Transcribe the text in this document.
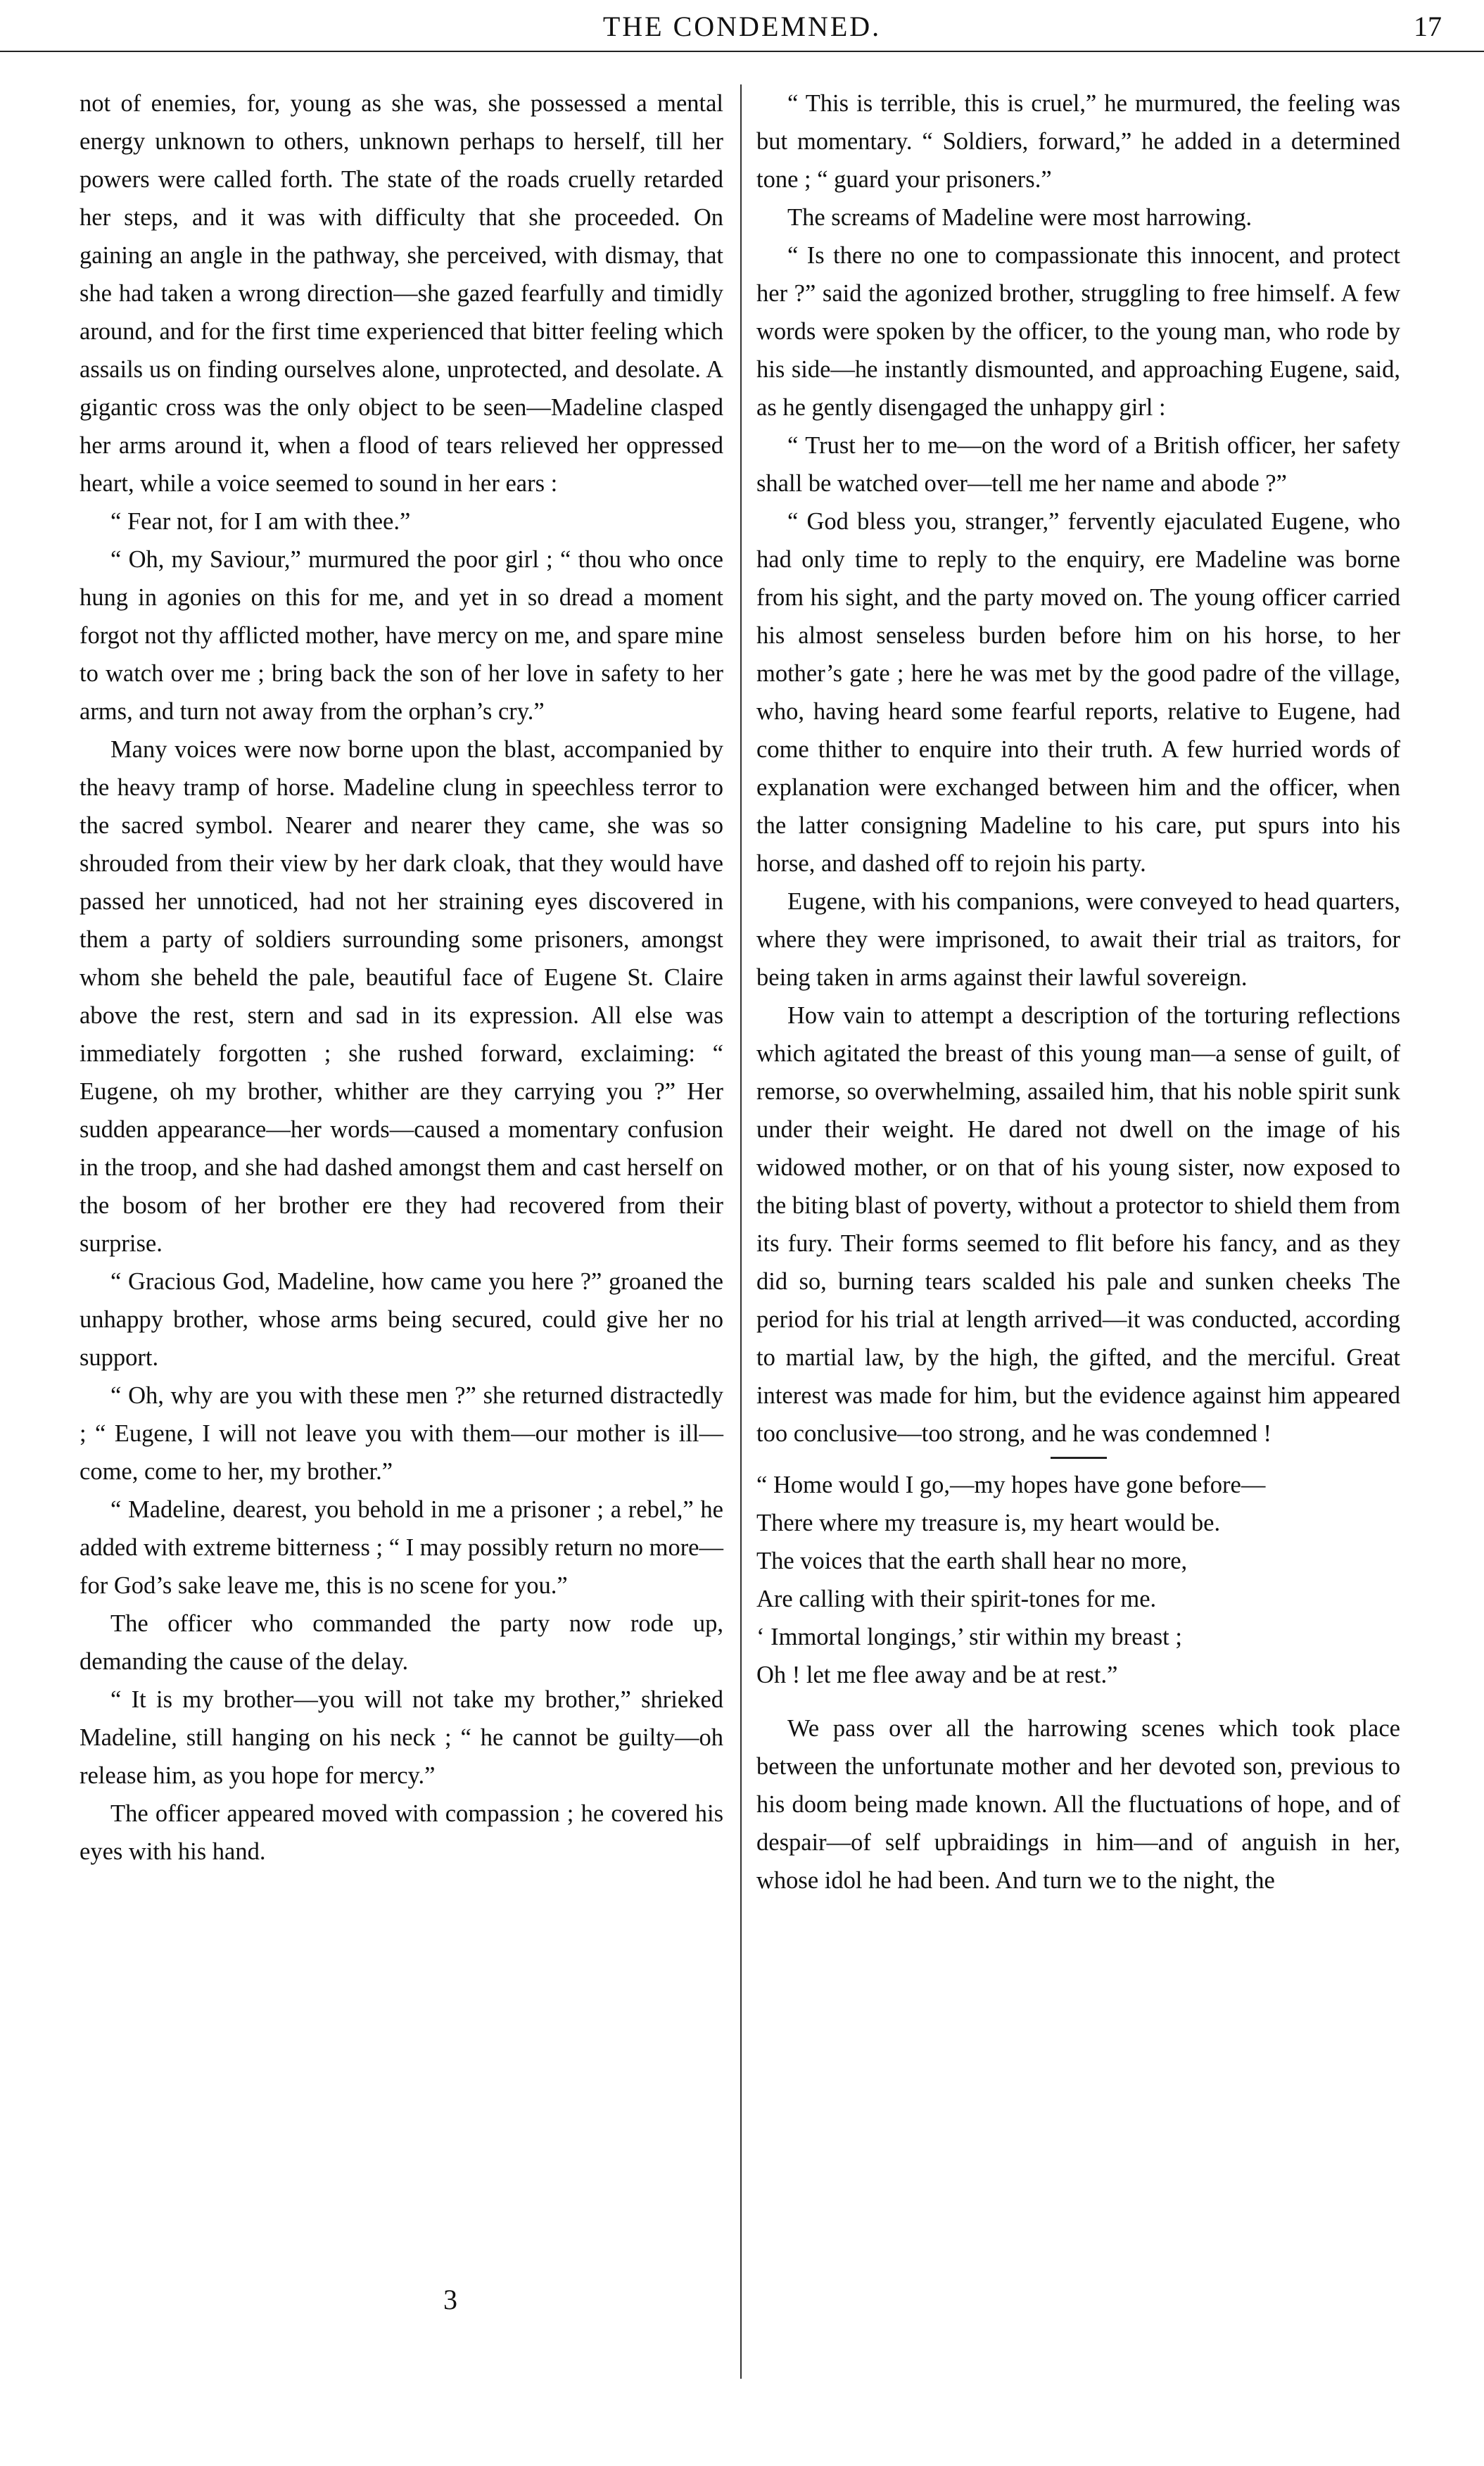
THE CONDEMNED.	17

not of enemies, for, young as she was, she possessed a mental energy unknown to others, unknown perhaps to herself, till her powers were called forth. The state of the roads cruelly retarded her steps, and it was with difficulty that she proceeded. On gaining an angle in the pathway, she perceived, with dismay, that she had taken a wrong direction—she gazed fearfully and timidly around, and for the first time experienced that bitter feeling which assails us on finding ourselves alone, unprotected, and desolate. A gigantic cross was the only object to be seen—Madeline clasped her arms around it, when a flood of tears relieved her oppressed heart, while a voice seemed to sound in her ears :

“ Fear not, for I am with thee.”

“ Oh, my Saviour,” murmured the poor girl ; “ thou who once hung in agonies on this for me, and yet in so dread a moment forgot not thy afflicted mother, have mercy on me, and spare mine to watch over me ; bring back the son of her love in safety to her arms, and turn not away from the orphan’s cry.”

Many voices were now borne upon the blast, accompanied by the heavy tramp of horse. Madeline clung in speechless terror to the sacred symbol. Nearer and nearer they came, she was so shrouded from their view by her dark cloak, that they would have passed her unnoticed, had not her straining eyes discovered in them a party of soldiers surrounding some prisoners, amongst whom she beheld the pale, beautiful face of Eugene St. Claire above the rest, stern and sad in its expression. All else was immediately forgotten ; she rushed forward, exclaiming: “ Eugene, oh my brother, whither are they carrying you ?” Her sudden appearance—her words—caused a momentary confusion in the troop, and she had dashed amongst them and cast herself on the bosom of her brother ere they had recovered from their surprise.

“ Gracious God, Madeline, how came you here ?” groaned the unhappy brother, whose arms being secured, could give her no support.

“ Oh, why are you with these men ?” she returned distractedly ; “ Eugene, I will not leave you with them—our mother is ill—come, come to her, my brother.”

“ Madeline, dearest, you behold in me a prisoner ; a rebel,” he added with extreme bitterness ; “ I may possibly return no more—for God’s sake leave me, this is no scene for you.”

The officer who commanded the party now rode up, demanding the cause of the delay.

“ It is my brother—you will not take my brother,” shrieked Madeline, still hanging on his neck ; “ he cannot be guilty—oh release him, as you hope for mercy.”

The officer appeared moved with compassion ; he covered his eyes with his hand.

“ This is terrible, this is cruel,” he murmured, the feeling was but momentary. “ Soldiers, forward,” he added in a determined tone ; “ guard your prisoners.”

The screams of Madeline were most harrowing.

“ Is there no one to compassionate this innocent, and protect her ?” said the agonized brother, struggling to free himself. A few words were spoken by the officer, to the young man, who rode by his side—he instantly dismounted, and approaching Eugene, said, as he gently disengaged the unhappy girl :

“ Trust her to me—on the word of a British officer, her safety shall be watched over—tell me her name and abode ?”

“ God bless you, stranger,” fervently ejaculated Eugene, who had only time to reply to the enquiry, ere Madeline was borne from his sight, and the party moved on. The young officer carried his almost senseless burden before him on his horse, to her mother’s gate ; here he was met by the good padre of the village, who, having heard some fearful reports, relative to Eugene, had come thither to enquire into their truth. A few hurried words of explanation were exchanged between him and the officer, when the latter consigning Madeline to his care, put spurs into his horse, and dashed off to rejoin his party.

Eugene, with his companions, were conveyed to head quarters, where they were imprisoned, to await their trial as traitors, for being taken in arms against their lawful sovereign.

How vain to attempt a description of the torturing reflections which agitated the breast of this young man—a sense of guilt, of remorse, so overwhelming, assailed him, that his noble spirit sunk under their weight. He dared not dwell on the image of his widowed mother, or on that of his young sister, now exposed to the biting blast of poverty, without a protector to shield them from its fury. Their forms seemed to flit before his fancy, and as they did so, burning tears scalded his pale and sunken cheeks The period for his trial at length arrived—it was conducted, according to martial law, by the high, the gifted, and the merciful. Great interest was made for him, but the evidence against him appeared too conclusive—too strong, and he was condemned !

“ Home would I go,—my hopes have gone before—
There where my treasure is, my heart would be.
The voices that the earth shall hear no more,
Are calling with their spirit-tones for me.
‘ Immortal longings,’ stir within my breast ;
Oh ! let me flee away and be at rest.”

We pass over all the harrowing scenes which took place between the unfortunate mother and her devoted son, previous to his doom being made known. All the fluctuations of hope, and of despair—of self upbraidings in him—and of anguish in her, whose idol he had been. And turn we to the night, the

3
